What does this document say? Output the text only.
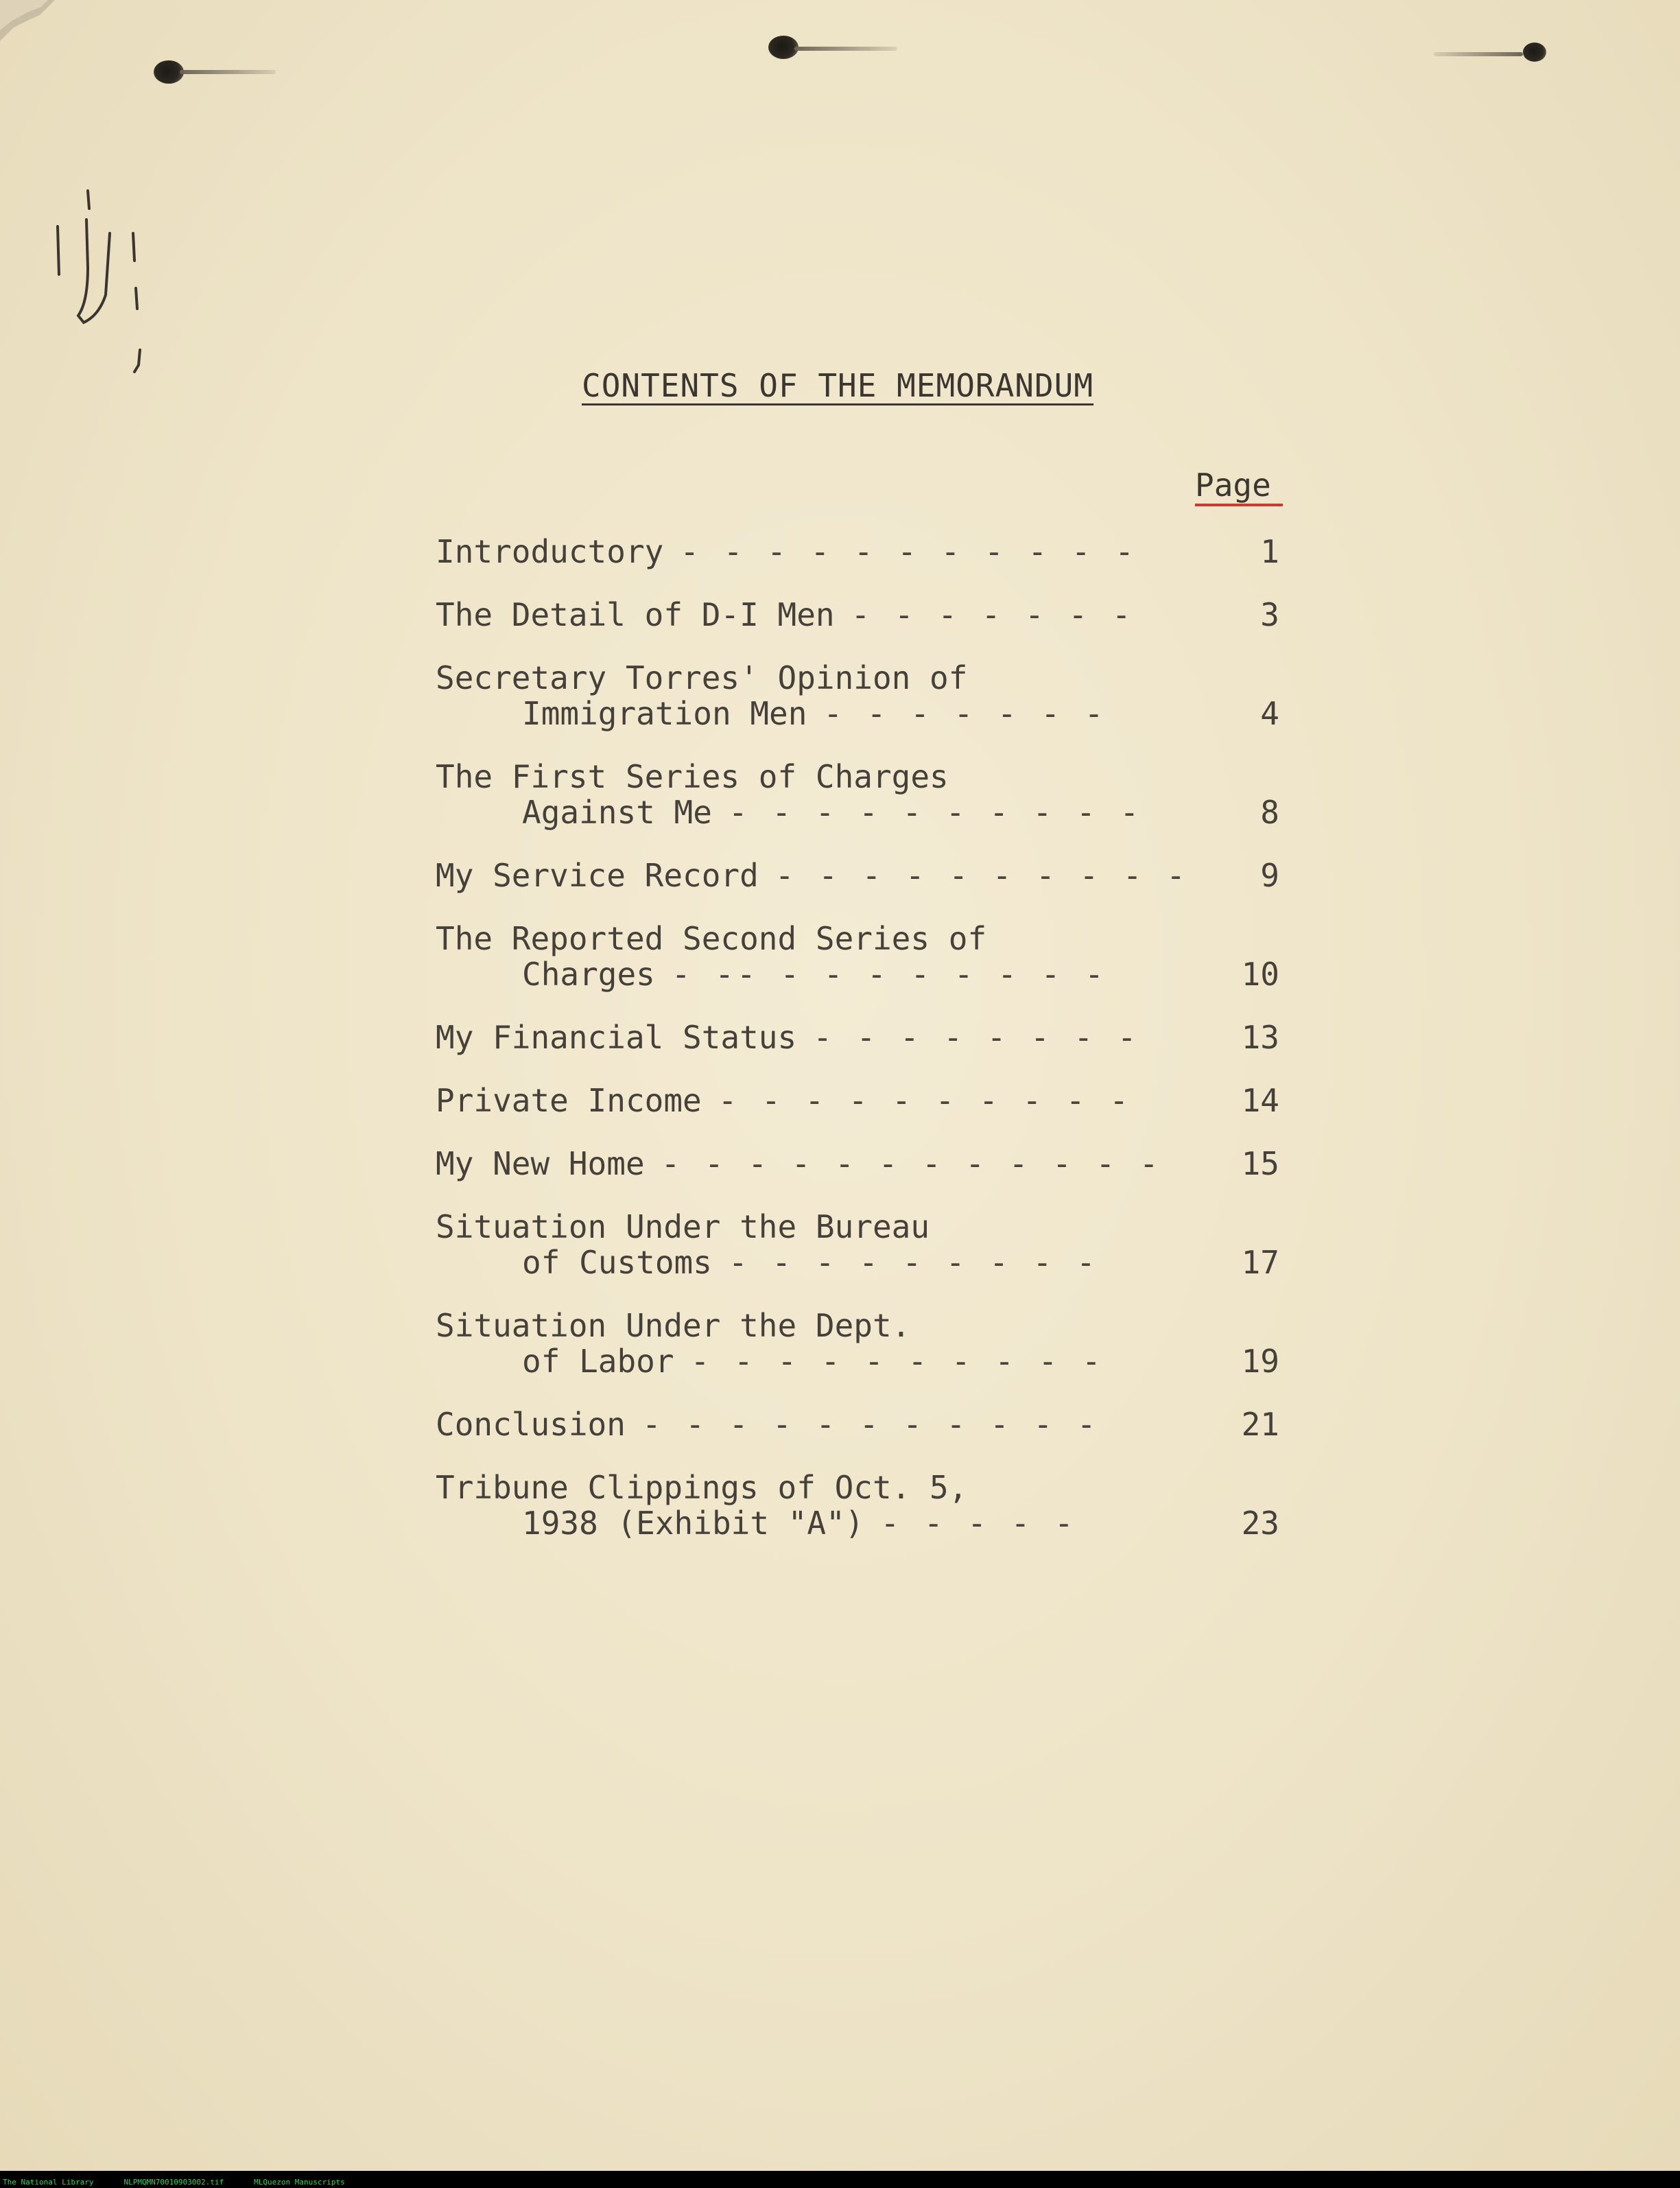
CONTENTS OF THE MEMORANDUM
Page
Introductory - - - - - - - - - - -	1
The Detail of D-I Men - - - - - - -	3
Secretary Torres' Opinion of
Immigration Men - - - - - - -	4
The First Series of Charges
Against Me - - - - - - - - - -	8
My Service Record - - - - - - - - - -	9
The Reported Second Series of
Charges - -- - - - - - - - -	10
My Financial Status - - - - - - - -	13
Private Income - - - - - - - - - -	14
My New Home - - - - - - - - - - - -	15
Situation Under the Bureau
of Customs - - - - - - - - -	17
Situation Under the Dept.
of Labor - - - - - - - - - -	19
Conclusion - - - - - - - - - - -	21
Tribune Clippings of Oct. 5,
1938 (Exhibit "A") - - - - -	23
The National Library	NLPMQMN70010903002.tif	MLQuezon Manuscripts
